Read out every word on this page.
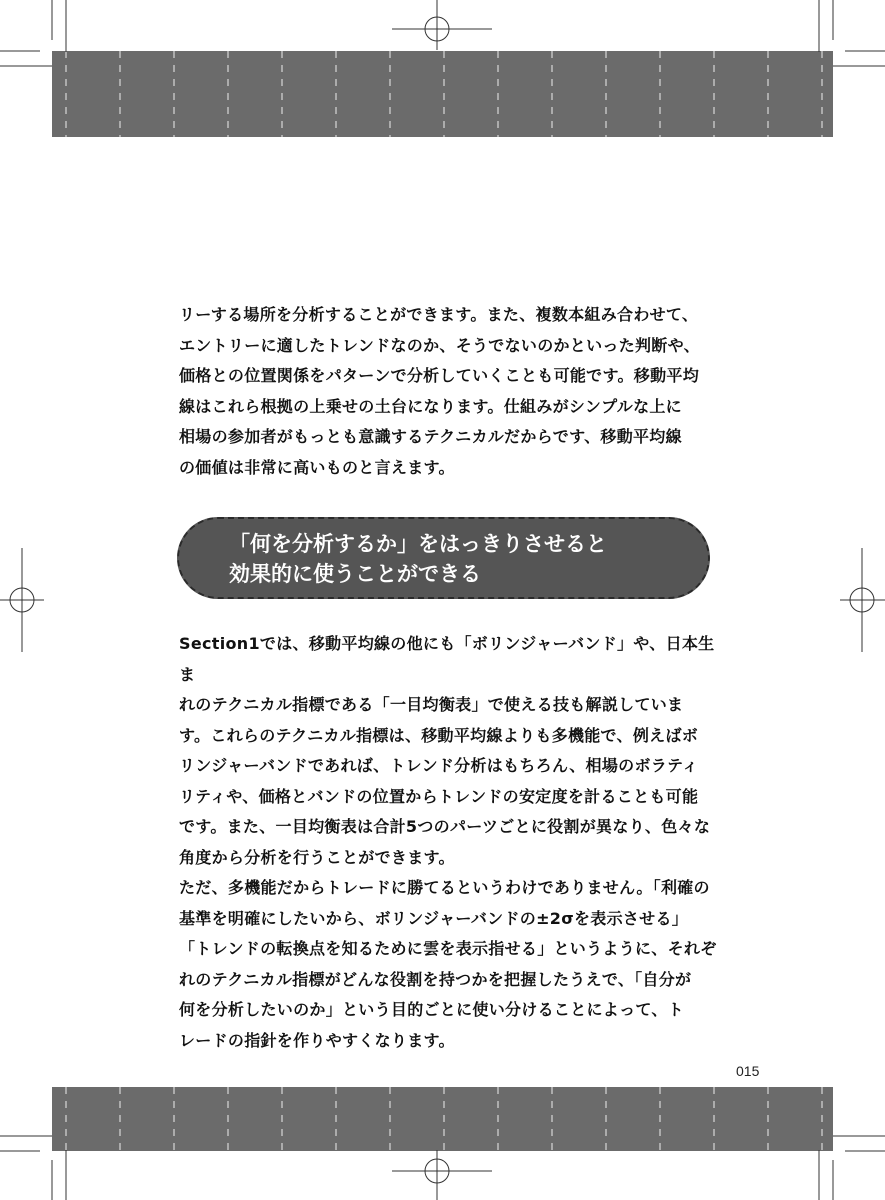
リーする場所を分析することができます。また、複数本組み合わせて、

エントリーに適したトレンドなのか、そうでないのかといった判断や、

価格との位置関係をパターンで分析していくことも可能です。移動平均

線はこれら根拠の上乗せの土台になります。仕組みがシンプルな上に

相場の参加者がもっとも意識するテクニカルだからです、移動平均線

の価値は非常に高いものと言えます。

「何を分析するか」をはっきりさせると
効果的に使うことができる

Section1では、移動平均線の他にも「ボリンジャーバンド」や、日本生ま

れのテクニカル指標である「一目均衡表」で使える技も解説していま

す。これらのテクニカル指標は、移動平均線よりも多機能で、例えばボ

リンジャーバンドであれば、トレンド分析はもちろん、相場のボラティ

リティや、価格とバンドの位置からトレンドの安定度を計ることも可能

です。また、一目均衡表は合計5つのパーツごとに役割が異なり、色々な

角度から分析を行うことができます。

ただ、多機能だからトレードに勝てるというわけでありません。「利確の

基準を明確にしたいから、ボリンジャーバンドの±2σを表示させる」

「トレンドの転換点を知るために雲を表示指せる」というように、それぞ

れのテクニカル指標がどんな役割を持つかを把握したうえで、「自分が

何を分析したいのか」という目的ごとに使い分けることによって、ト

レードの指針を作りやすくなります。

015
